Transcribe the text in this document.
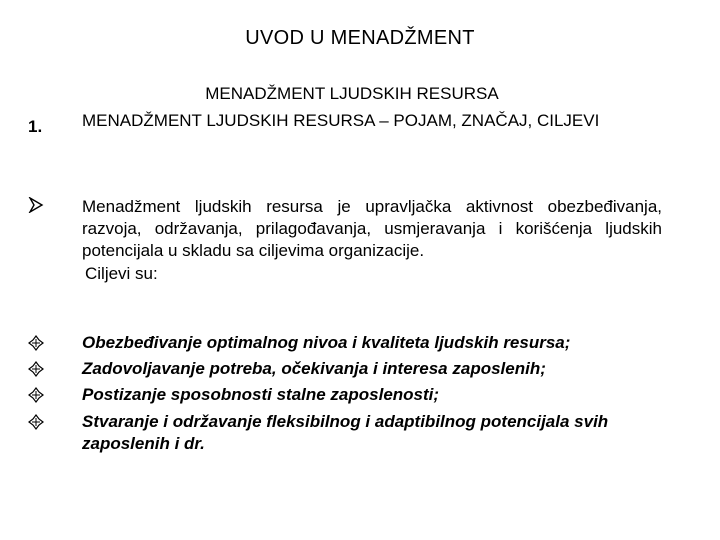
UVOD U MENADŽMENT
MENADŽMENT LJUDSKIH RESURSA
1.	MENADŽMENT LJUDSKIH RESURSA – POJAM, ZNAČAJ, CILJEVI
Menadžment ljudskih resursa je upravljačka aktivnost obezbeđivanja, razvoja, održavanja, prilagođavanja, usmjeravanja i korišćenja ljudskih potencijala u skladu sa ciljevima organizacije.
Ciljevi su:
Obezbeđivanje optimalnog nivoa i kvaliteta ljudskih resursa;
Zadovoljavanje potreba, očekivanja i interesa zaposlenih;
Postizanje sposobnosti stalne zaposlenosti;
Stvaranje i održavanje fleksibilnog i adaptibilnog potencijala svih zaposlenih i dr.
